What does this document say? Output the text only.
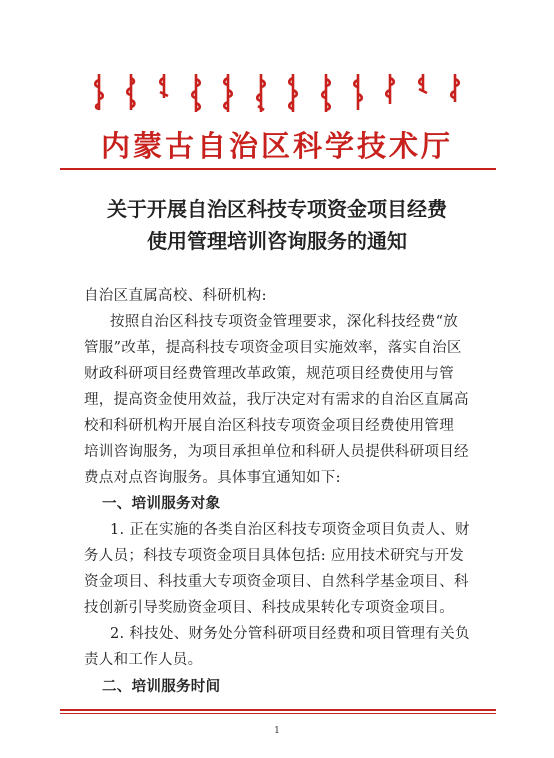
内蒙古自治区科学技术厅
关于开展自治区科技专项资金项目经费
使用管理培训咨询服务的通知
自治区直属高校、科研机构:
按照自治区科技专项资金管理要求，深化科技经费“放
管服”改革，提高科技专项资金项目实施效率，落实自治区
财政科研项目经费管理改革政策，规范项目经费使用与管
理，提高资金使用效益，我厅决定对有需求的自治区直属高
校和科研机构开展自治区科技专项资金项目经费使用管理
培训咨询服务，为项目承担单位和科研人员提供科研项目经
费点对点咨询服务。具体事宜通知如下:
一、培训服务对象
1. 正在实施的各类自治区科技专项资金项目负责人、财
务人员；科技专项资金项目具体包括: 应用技术研究与开发
资金项目、科技重大专项资金项目、自然科学基金项目、科
技创新引导奖励资金项目、科技成果转化专项资金项目。
2. 科技处、财务处分管科研项目经费和项目管理有关负
责人和工作人员。
二、培训服务时间
1
